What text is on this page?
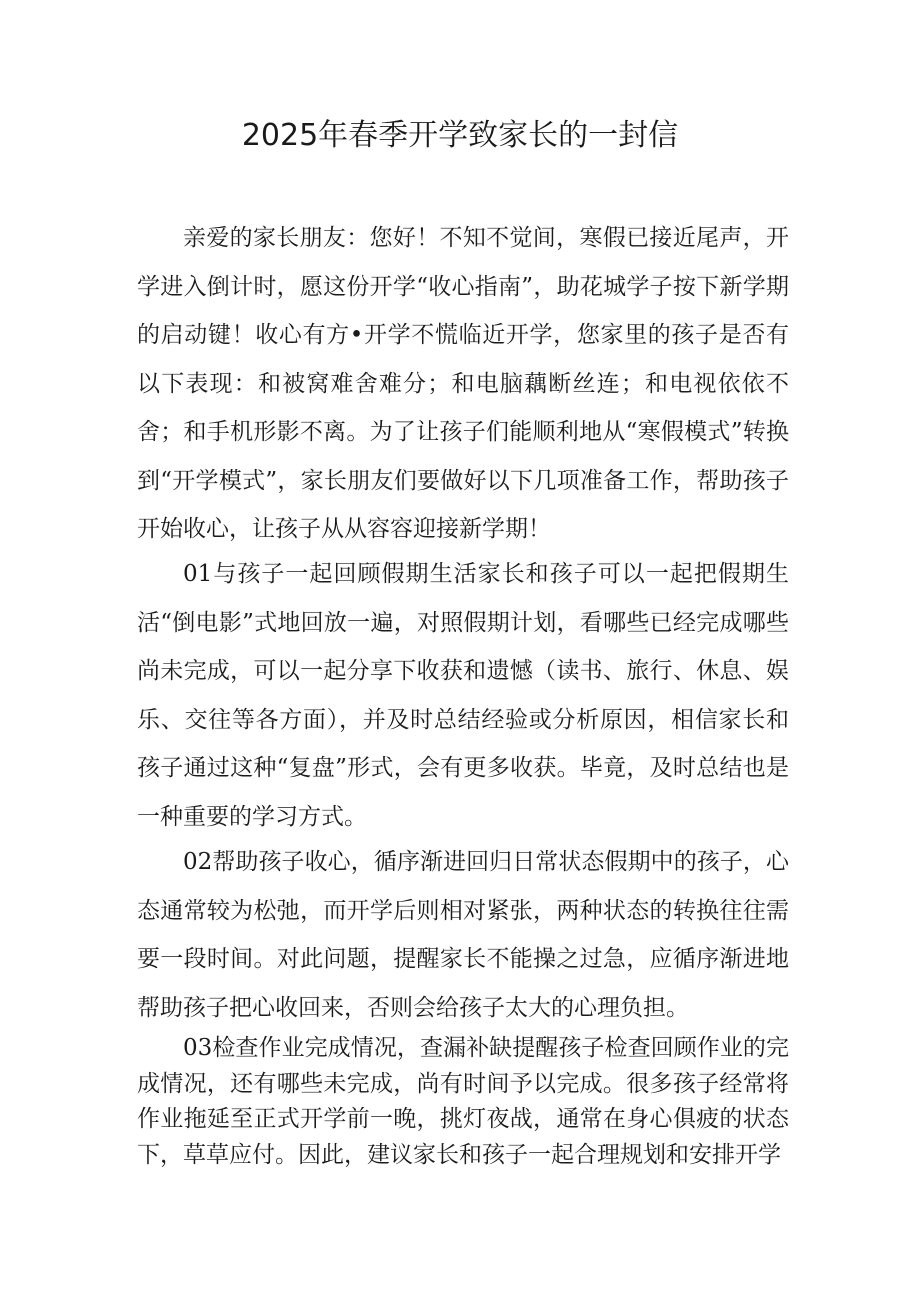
2025年春季开学致家长的一封信

亲爱的家长朋友：您好！不知不觉间，寒假已接近尾声，开学进入倒计时，愿这份开学“收心指南”，助花城学子按下新学期的启动键！收心有方•开学不慌临近开学，您家里的孩子是否有以下表现：和被窝难舍难分；和电脑藕断丝连；和电视依依不舍；和手机形影不离。为了让孩子们能顺利地从“寒假模式”转换到“开学模式”，家长朋友们要做好以下几项准备工作，帮助孩子开始收心，让孩子从从容容迎接新学期！

01与孩子一起回顾假期生活家长和孩子可以一起把假期生活“倒电影”式地回放一遍，对照假期计划，看哪些已经完成哪些尚未完成，可以一起分享下收获和遗憾（读书、旅行、休息、娱乐、交往等各方面），并及时总结经验或分析原因，相信家长和孩子通过这种“复盘”形式，会有更多收获。毕竟，及时总结也是一种重要的学习方式。

02帮助孩子收心，循序渐进回归日常状态假期中的孩子，心态通常较为松弛，而开学后则相对紧张，两种状态的转换往往需要一段时间。对此问题，提醒家长不能操之过急，应循序渐进地帮助孩子把心收回来，否则会给孩子太大的心理负担。

03检查作业完成情况，查漏补缺提醒孩子检查回顾作业的完成情况，还有哪些未完成，尚有时间予以完成。很多孩子经常将作业拖延至正式开学前一晚，挑灯夜战，通常在身心俱疲的状态下，草草应付。因此，建议家长和孩子一起合理规划和安排开学
